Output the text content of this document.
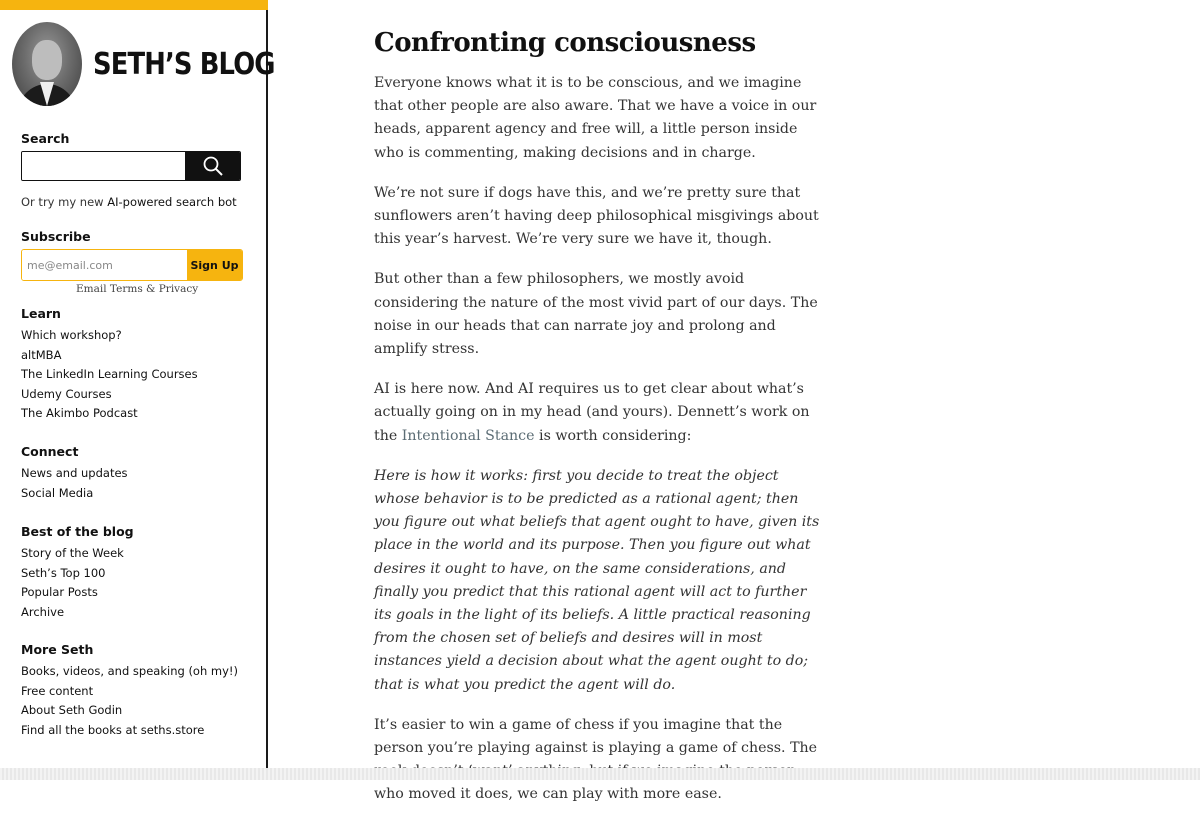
SETH’S BLOG
Search
Or try my new AI-powered search bot
Subscribe
me@email.com
Sign Up
Email Terms & Privacy
Learn
Which workshop?
altMBA
The LinkedIn Learning Courses
Udemy Courses
The Akimbo Podcast
Connect
News and updates
Social Media
Best of the blog
Story of the Week
Seth’s Top 100
Popular Posts
Archive
More Seth
Books, videos, and speaking (oh my!)
Free content
About Seth Godin
Find all the books at seths.store
Confronting consciousness

Everyone knows what it is to be conscious, and we imagine that other people are also aware. That we have a voice in our heads, apparent agency and free will, a little person inside who is commenting, making decisions and in charge.

We’re not sure if dogs have this, and we’re pretty sure that sunflowers aren’t having deep philosophical misgivings about this year’s harvest. We’re very sure we have it, though.

But other than a few philosophers, we mostly avoid considering the nature of the most vivid part of our days. The noise in our heads that can narrate joy and prolong and amplify stress.

AI is here now. And AI requires us to get clear about what’s actually going on in my head (and yours). Dennett’s work on the Intentional Stance is worth considering:

Here is how it works: first you decide to treat the object whose behavior is to be predicted as a rational agent; then you figure out what beliefs that agent ought to have, given its place in the world and its purpose. Then you figure out what desires it ought to have, on the same considerations, and finally you predict that this rational agent will act to further its goals in the light of its beliefs. A little practical reasoning from the chosen set of beliefs and desires will in most instances yield a decision about what the agent ought to do; that is what you predict the agent will do.

It’s easier to win a game of chess if you imagine that the person you’re playing against is playing a game of chess. The who moved it does, we can play with more ease.
